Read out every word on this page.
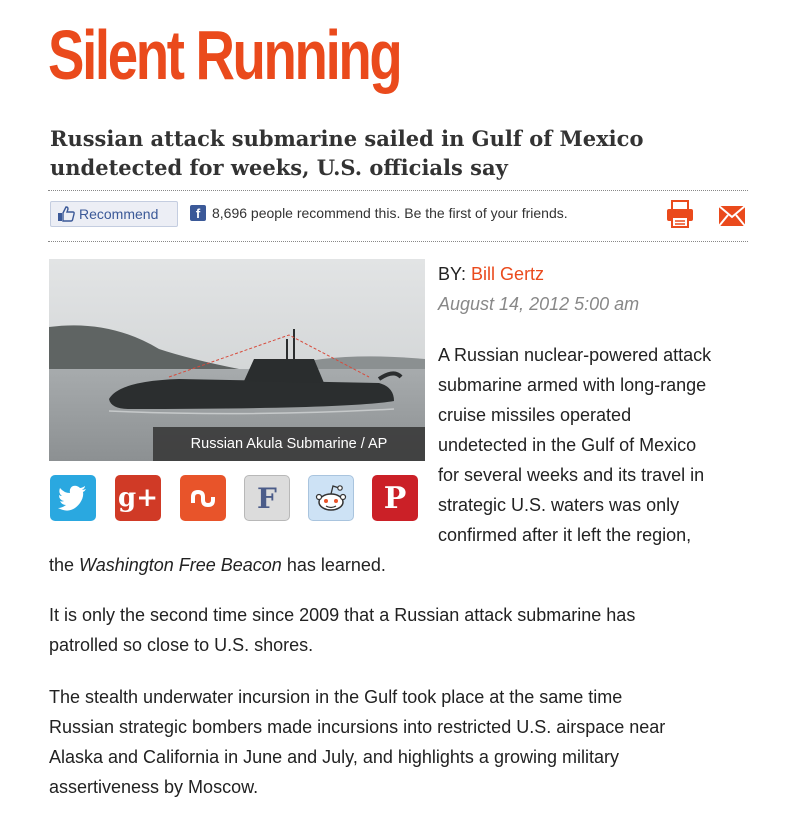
Silent Running
Russian attack submarine sailed in Gulf of Mexico
undetected for weeks, U.S. officials say
Recommend	f 8,696 people recommend this. Be the first of your friends.
Russian Akula Submarine / AP
g+	F	P
BY: Bill Gertz
August 14, 2012 5:00 am
A Russian nuclear-powered attack
submarine armed with long-range
cruise missiles operated
undetected in the Gulf of Mexico
for several weeks and its travel in
strategic U.S. waters was only
confirmed after it left the region,
the Washington Free Beacon has learned.
It is only the second time since 2009 that a Russian attack submarine has
patrolled so close to U.S. shores.
The stealth underwater incursion in the Gulf took place at the same time
Russian strategic bombers made incursions into restricted U.S. airspace near
Alaska and California in June and July, and highlights a growing military
assertiveness by Moscow.
